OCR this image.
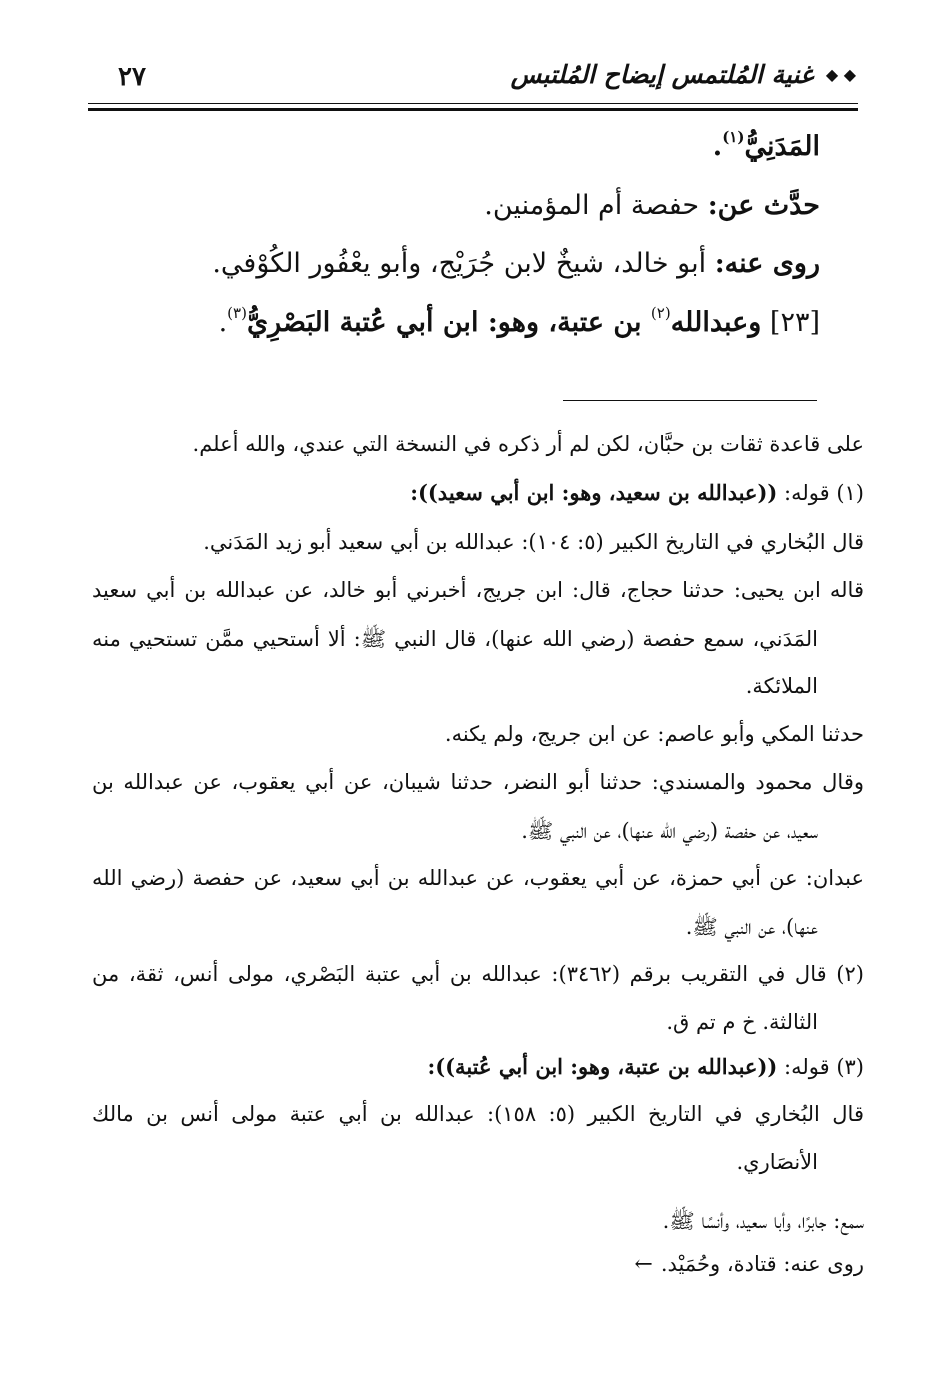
٢٧	◆ ◆ غنية المُلتمس إيضاح المُلتبس
المَدَنِيُّ$^{(١)}$.
حدَّث عن: حفصة أم المؤمنين.
روى عنه: أبو خالد، شيخٌ لابن جُرَيْج، وأبو يعْفُور الكُوْفي.
[٢٣] وعبدالله$^{(٢)}$ بن عتبة، وهو: ابن أبي عُتبة البَصْرِيُّ$^{(٣)}$.
على قاعدة ثقات بن حبَّان، لكن لم أر ذكره في النسخة التي عندي، والله أعلم.
(١) قوله: ((عبدالله بن سعيد، وهو: ابن أبي سعيد)):
قال البُخاري في التاريخ الكبير (٥: ١٠٤): عبدالله بن أبي سعيد أبو زيد المَدَني.
قاله ابن يحيى: حدثنا حجاج، قال: ابن جريج، أخبرني أبو خالد، عن عبدالله بن أبي سعيد
المَدَني، سمع حفصة (رضي الله عنها)، قال النبي ﷺ: ألا أستحيي ممَّن تستحيي منه
الملائكة.
حدثنا المكي وأبو عاصم: عن ابن جريج، ولم يكنه.
وقال محمود والمسندي: حدثنا أبو النضر، حدثنا شيبان، عن أبي يعقوب، عن عبدالله بن
سعيد، عن حفصة (رضي الله عنها)، عن النبي ﷺ.
عبدان: عن أبي حمزة، عن أبي يعقوب، عن عبدالله بن أبي سعيد، عن حفصة (رضي الله
عنها)، عن النبي ﷺ.
(٢) قال في التقريب برقم (٣٤٦٢): عبدالله بن أبي عتبة البَصْري، مولى أنس، ثقة، من
الثالثة. خ م تم ق.
(٣) قوله: ((عبدالله بن عتبة، وهو: ابن أبي عُتبة)):
قال البُخاري في التاريخ الكبير (٥: ١٥٨): عبدالله بن أبي عتبة مولى أنس بن مالك
الأنصَاري.
سمع: جابرًا، وأبا سعيد، وأنسًا ﷺ.
روى عنه: قتادة، وحُمَيْد.←
